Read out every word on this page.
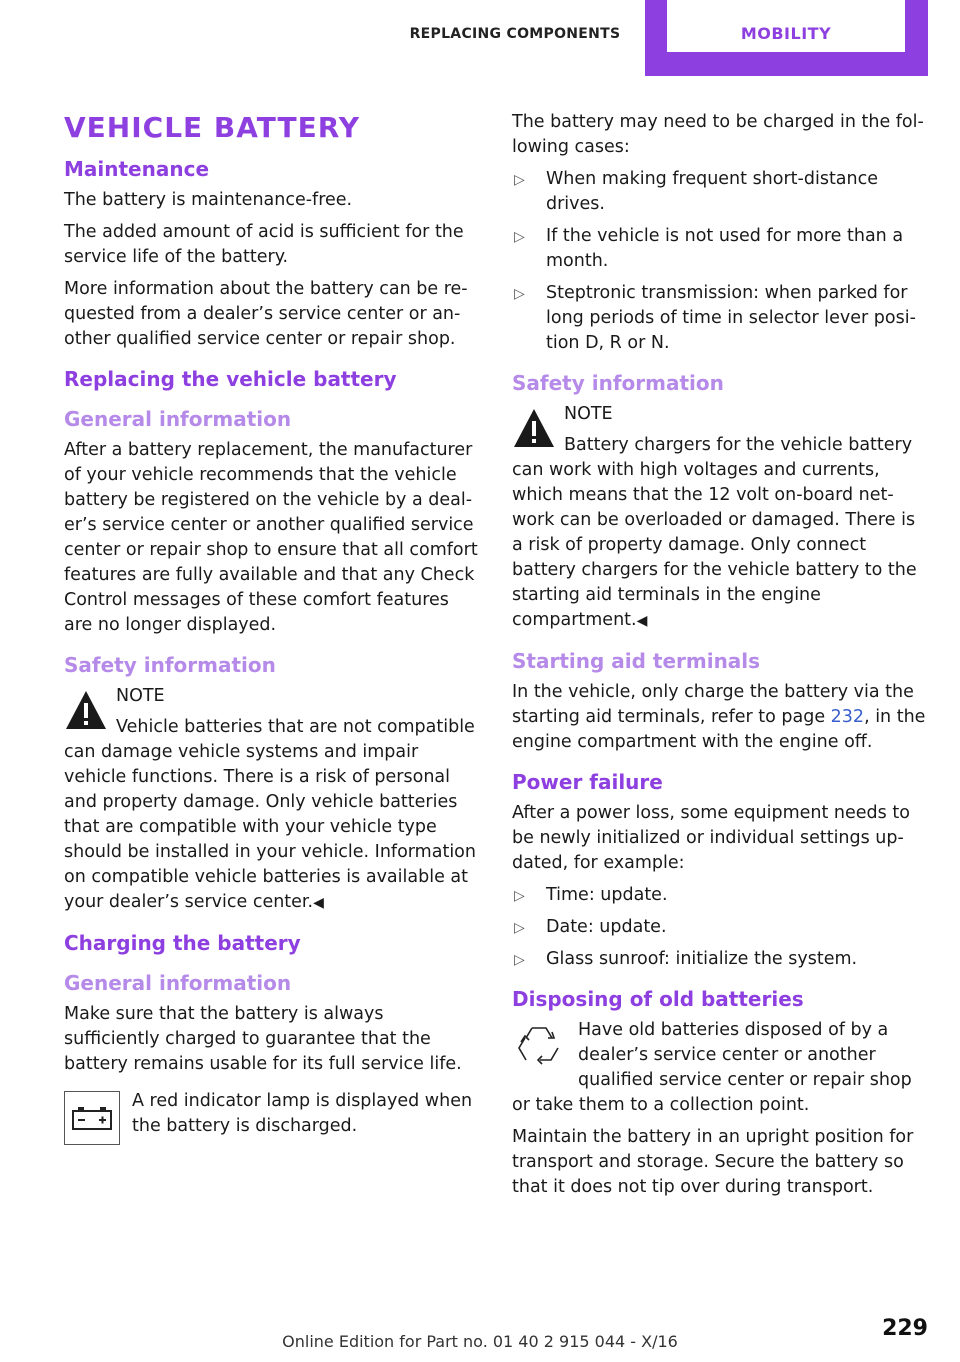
REPLACING COMPONENTS	MOBILITY
VEHICLE BATTERY
Maintenance

The battery is maintenance-free.

The added amount of acid is sufficient for the service life of the battery.

More information about the battery can be requested from a dealer’s service center or another qualified service center or repair shop.

Replacing the vehicle battery
General information

After a battery replacement, the manufacturer of your vehicle recommends that the vehicle battery be registered on the vehicle by a dealer’s service center or another qualified service center or repair shop to ensure that all comfort features are fully available and that any Check Control messages of these comfort features are no longer displayed.

Safety information
NOTE
Vehicle batteries that are not compatible can damage vehicle systems and impair vehicle functions. There is a risk of personal and property damage. Only vehicle batteries that are compatible with your vehicle type should be installed in your vehicle. Information on compatible vehicle batteries is available at your dealer’s service center.◀
Charging the battery
General information

Make sure that the battery is always sufficiently charged to guarantee that the battery remains usable for its full service life.

A red indicator lamp is displayed when the battery is discharged.

The battery may need to be charged in the following cases:

▷ When making frequent short-distance drives.
▷ If the vehicle is not used for more than a month.
▷ Steptronic transmission: when parked for long periods of time in selector lever position D, R or N.
Safety information
NOTE
Battery chargers for the vehicle battery can work with high voltages and currents, which means that the 12 volt on-board network can be overloaded or damaged. There is a risk of property damage. Only connect battery chargers for the vehicle battery to the starting aid terminals in the engine compartment.◀
Starting aid terminals

In the vehicle, only charge the battery via the starting aid terminals, refer to page 232, in the engine compartment with the engine off.

Power failure

After a power loss, some equipment needs to be newly initialized or individual settings updated, for example:

▷ Time: update.
▷ Date: update.
▷ Glass sunroof: initialize the system.
Disposing of old batteries

Have old batteries disposed of by a dealer’s service center or another qualified service center or repair shop or take them to a collection point.

Maintain the battery in an upright position for transport and storage. Secure the battery so that it does not tip over during transport.

229
Online Edition for Part no. 01 40 2 915 044 - X/16
